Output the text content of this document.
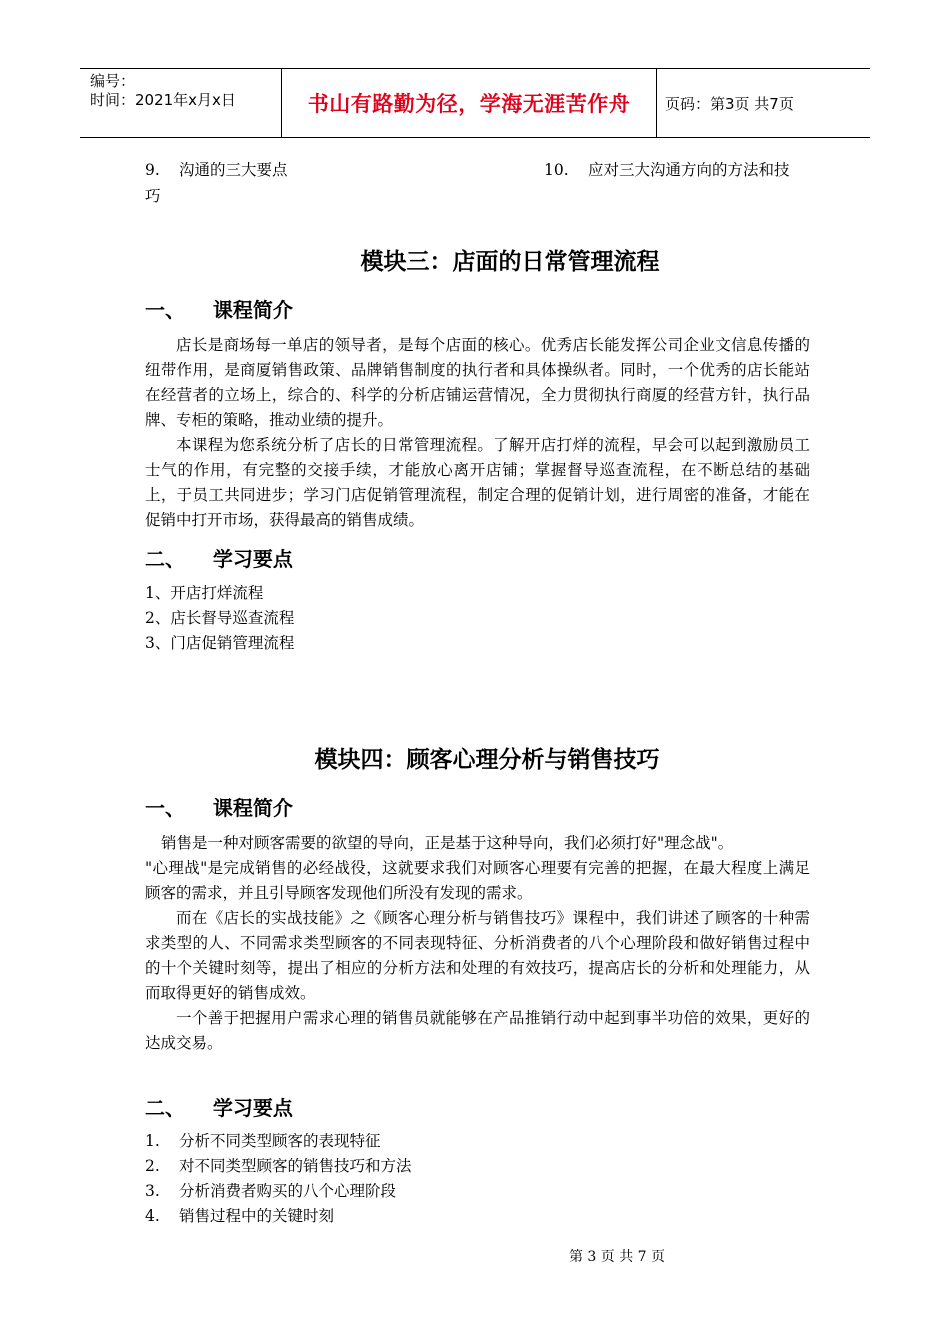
编号：
时间：2021年x月x日	书山有路勤为径，学海无涯苦作舟	页码：第3页 共7页
9. 沟通的三大要点
巧
10. 应对三大沟通方向的方法和技
模块三：店面的日常管理流程
一、    课程简介
店长是商场每一单店的领导者，是每个店面的核心。优秀店长能发挥公司企业文信息传播的纽带作用，是商厦销售政策、品牌销售制度的执行者和具体操纵者。同时，一个优秀的店长能站在经营者的立场上，综合的、科学的分析店铺运营情况，全力贯彻执行商厦的经营方针，执行品牌、专柜的策略，推动业绩的提升。
本课程为您系统分析了店长的日常管理流程。了解开店打烊的流程，早会可以起到激励员工士气的作用，有完整的交接手续，才能放心离开店铺；掌握督导巡查流程，在不断总结的基础上，于员工共同进步；学习门店促销管理流程，制定合理的促销计划，进行周密的准备，才能在促销中打开市场，获得最高的销售成绩。
二、    学习要点
1、开店打烊流程
2、店长督导巡查流程
3、门店促销管理流程
模块四：顾客心理分析与销售技巧
一、    课程简介
销售是一种对顾客需要的欲望的导向，正是基于这种导向，我们必须打好"理念战"。
"心理战"是完成销售的必经战役，这就要求我们对顾客心理要有完善的把握，在最大程度上满足顾客的需求，并且引导顾客发现他们所没有发现的需求。
而在《店长的实战技能》之《顾客心理分析与销售技巧》课程中，我们讲述了顾客的十种需求类型的人、不同需求类型顾客的不同表现特征、分析消费者的八个心理阶段和做好销售过程中的十个关键时刻等，提出了相应的分析方法和处理的有效技巧，提高店长的分析和处理能力，从而取得更好的销售成效。
一个善于把握用户需求心理的销售员就能够在产品推销行动中起到事半功倍的效果，更好的达成交易。
二、    学习要点
1. 分析不同类型顾客的表现特征
2. 对不同类型顾客的销售技巧和方法
3. 分析消费者购买的八个心理阶段
4. 销售过程中的关键时刻
第 3 页 共 7 页
